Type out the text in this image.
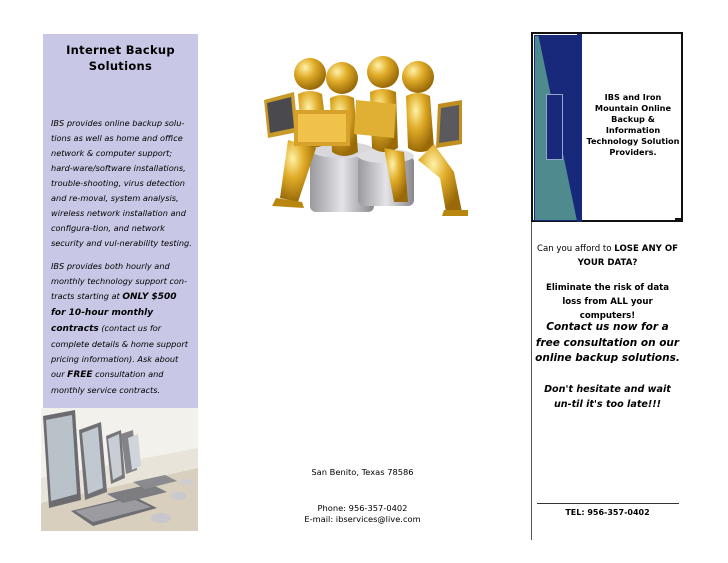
Internet Backup Solutions
IBS provides online backup solu-tions as well as home and office network & computer support; hard-ware/software installations, trouble-shooting, virus detection and re-moval, system analysis, wireless network installation and configura-tion, and network security and vul-nerability testing.
IBS provides both hourly and monthly technology support con-tracts starting at ONLY $500 for 10-hour monthly contracts (contact us for complete details & home support pricing information). Ask about our FREE consultation and monthly service contracts.
San Benito, Texas 78586
Phone: 956-357-0402
E-mail: ibservices@live.com
IBS and Iron Mountain Online Backup & Information Technology Solution Providers.
Can you afford to LOSE ANY OF YOUR DATA?
Eliminate the risk of data loss from ALL your computers!
Contact us now for a free consultation on our online backup solutions.
Don't hesitate and wait un-til it's too late!!!
TEL: 956-357-0402
